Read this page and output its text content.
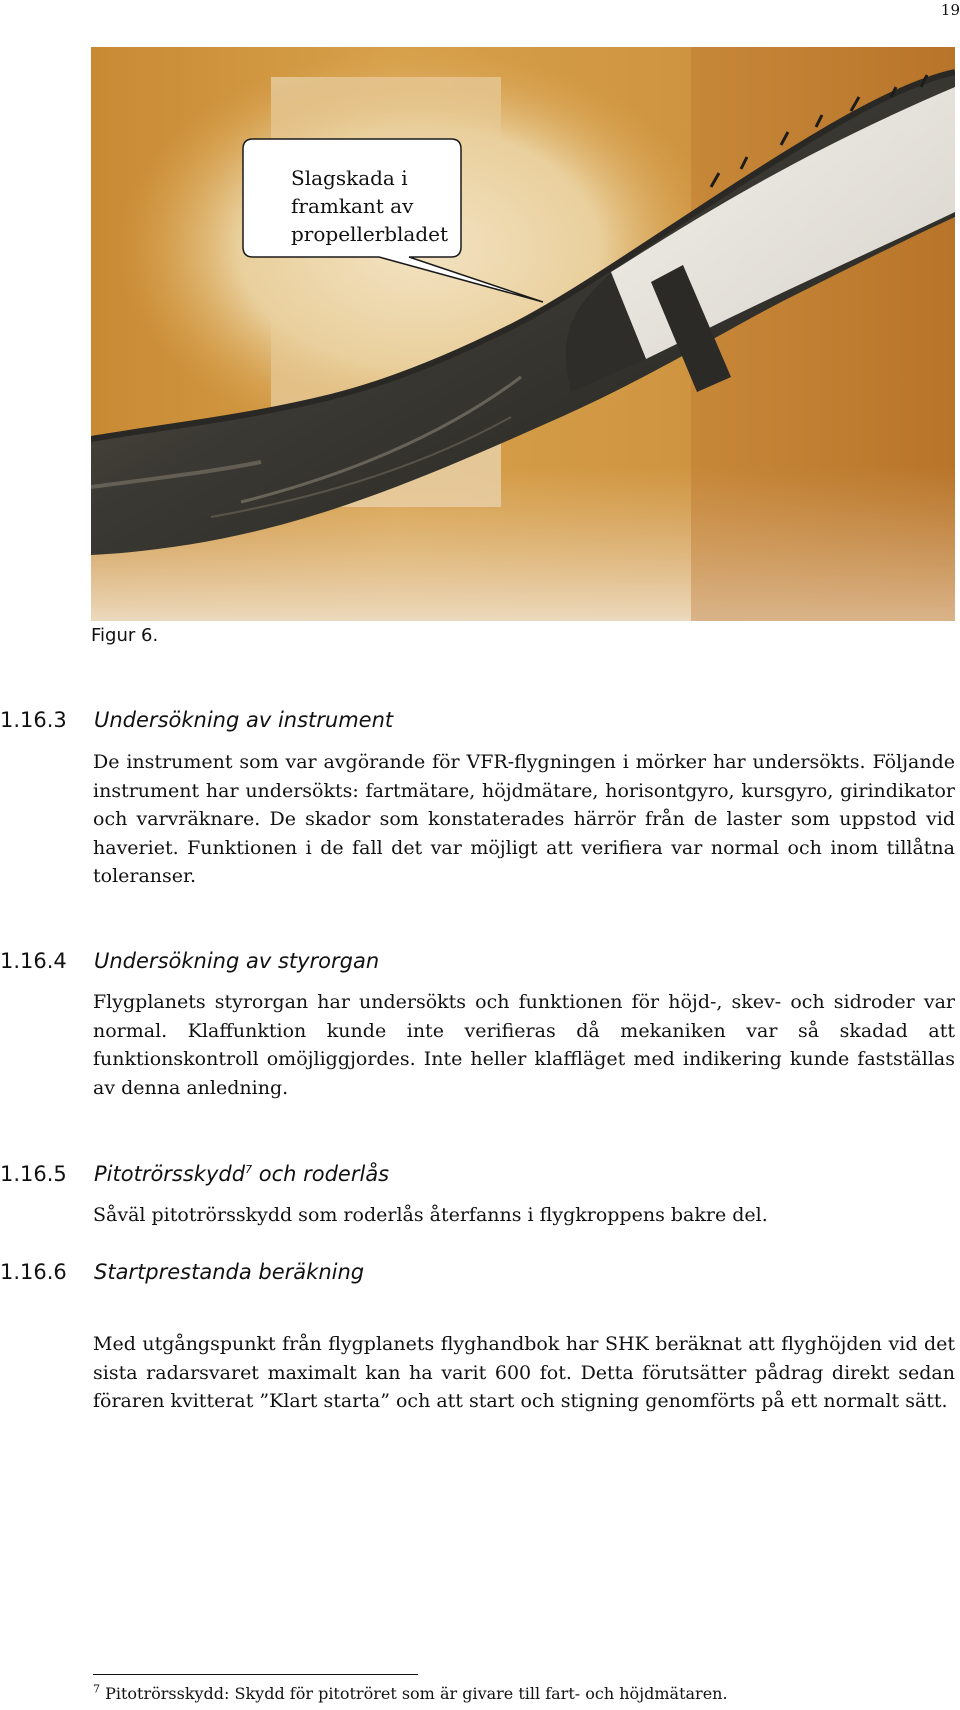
19
Slagskada i
framkant av
propellerbladet
Figur 6.
1.16.3 Undersökning av instrument

De instrument som var avgörande för VFR-flygningen i mörker har undersökts. Följande instrument har undersökts: fartmätare, höjdmätare, horisontgyro, kursgyro, girindikator och varvräknare. De skador som konstaterades härrör från de laster som uppstod vid haveriet. Funktionen i de fall det var möjligt att verifiera var normal och inom tillåtna toleranser.

1.16.4 Undersökning av styrorgan

Flygplanets styrorgan har undersökts och funktionen för höjd-, skev- och sidroder var normal. Klaffunktion kunde inte verifieras då mekaniken var så skadad att funktionskontroll omöjliggjordes. Inte heller klaffläget med indikering kunde fastställas av denna anledning.

1.16.5 Pitotrörsskydd$^7$ och roderlås

Såväl pitotrörsskydd som roderlås återfanns i flygkroppens bakre del.

1.16.6 Startprestanda beräkning

Med utgångspunkt från flygplanets flyghandbok har SHK beräknat att flyghöjden vid det sista radarsvaret maximalt kan ha varit 600 fot. Detta förutsätter pådrag direkt sedan föraren kvitterat ”Klart starta” och att start och stigning genomförts på ett normalt sätt.

$^7$ Pitotrörsskydd: Skydd för pitotröret som är givare till fart- och höjdmätaren.
